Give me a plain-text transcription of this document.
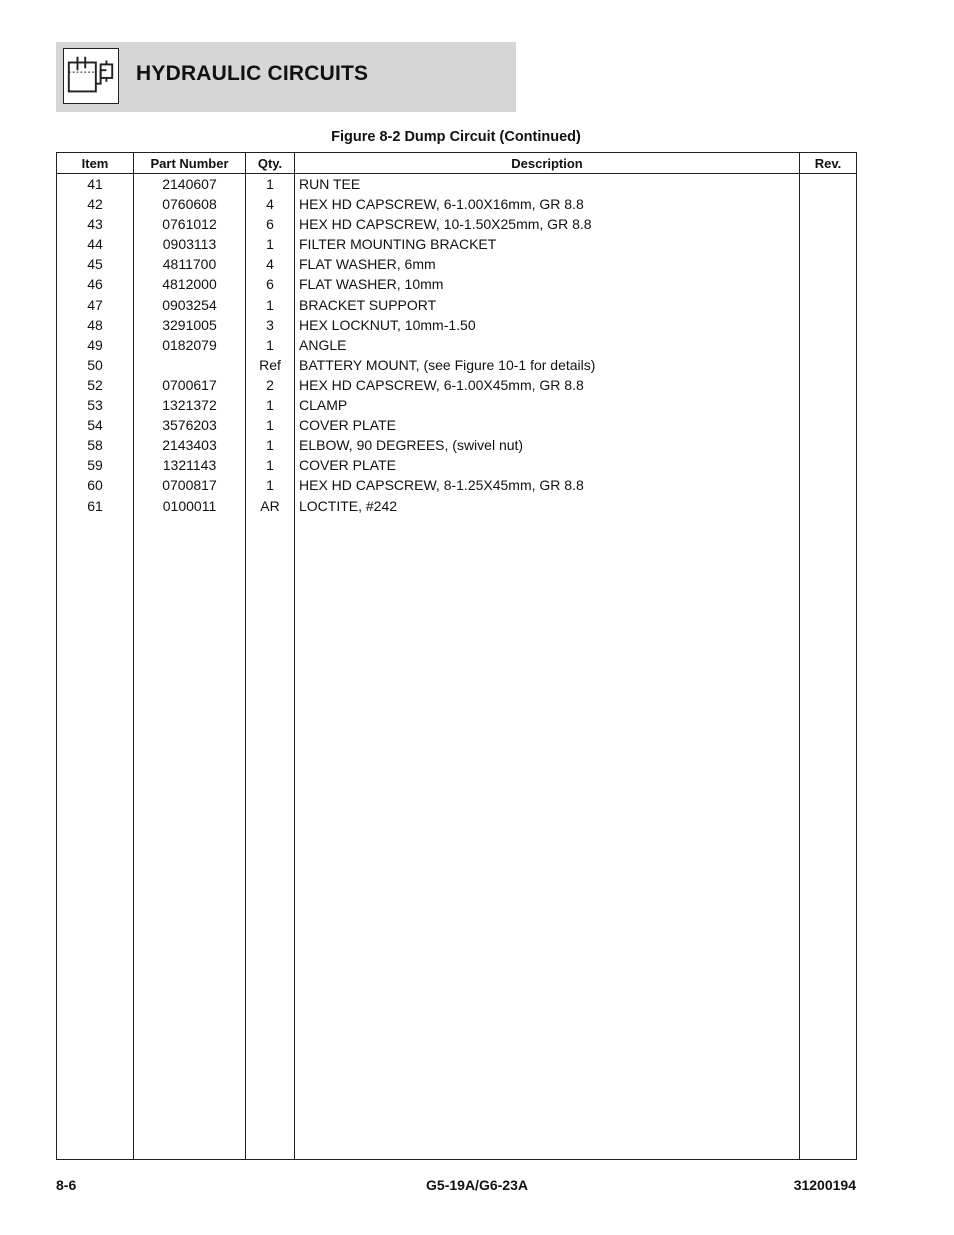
HYDRAULIC CIRCUITS
Figure 8-2 Dump Circuit (Continued)
Item	Part Number	Qty.	Description	Rev.
41	2140607	1	RUN TEE	
42	0760608	4	HEX HD CAPSCREW, 6-1.00X16mm, GR 8.8	
43	0761012	6	HEX HD CAPSCREW, 10-1.50X25mm, GR 8.8	
44	0903113	1	FILTER MOUNTING BRACKET	
45	4811700	4	FLAT WASHER, 6mm	
46	4812000	6	FLAT WASHER, 10mm	
47	0903254	1	BRACKET SUPPORT	
48	3291005	3	HEX LOCKNUT, 10mm-1.50	
49	0182079	1	ANGLE	
50		Ref	BATTERY MOUNT, (see Figure 10-1 for details)	
52	0700617	2	HEX HD CAPSCREW, 6-1.00X45mm, GR 8.8	
53	1321372	1	CLAMP	
54	3576203	1	COVER PLATE	
58	2143403	1	ELBOW, 90 DEGREES, (swivel nut)	
59	1321143	1	COVER PLATE	
60	0700817	1	HEX HD CAPSCREW, 8-1.25X45mm, GR 8.8	
61	0100011	AR	LOCTITE, #242	

8-6	G5-19A/G6-23A	31200194
